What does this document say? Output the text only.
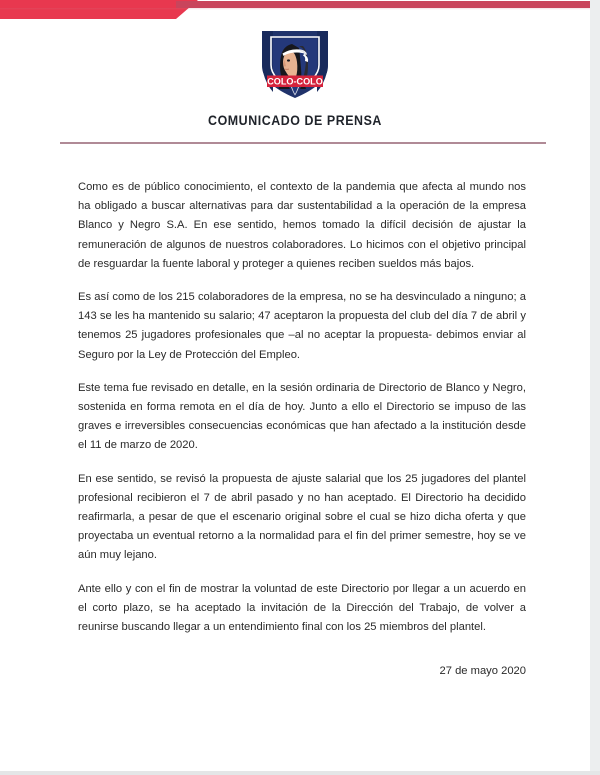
COLO-COLO
COMUNICADO DE PRENSA

Como es de público conocimiento, el contexto de la pandemia que afecta al mundo nos ha obligado a buscar alternativas para dar sustentabilidad a la operación de la empresa Blanco y Negro S.A. En ese sentido, hemos tomado la difícil decisión de ajustar la remuneración de algunos de nuestros colaboradores. Lo hicimos con el objetivo principal de resguardar la fuente laboral y proteger a quienes reciben sueldos más bajos.

Es así como de los 215 colaboradores de la empresa, no se ha desvinculado a ninguno; a 143 se les ha mantenido su salario; 47 aceptaron la propuesta del club del día 7 de abril y tenemos 25 jugadores profesionales que –al no aceptar la propuesta- debimos enviar al Seguro por la Ley de Protección del Empleo.

Este tema fue revisado en detalle, en la sesión ordinaria de Directorio de Blanco y Negro, sostenida en forma remota en el día de hoy. Junto a ello el Directorio se impuso de las graves e irreversibles consecuencias económicas que han afectado a la institución desde el 11 de marzo de 2020.

En ese sentido, se revisó la propuesta de ajuste salarial que los 25 jugadores del plantel profesional recibieron el 7 de abril pasado y no han aceptado. El Directorio ha decidido reafirmarla, a pesar de que el escenario original sobre el cual se hizo dicha oferta y que proyectaba un eventual retorno a la normalidad para el fin del primer semestre, hoy se ve aún muy lejano.

Ante ello y con el fin de mostrar la voluntad de este Directorio por llegar a un acuerdo en el corto plazo, se ha aceptado la invitación de la Dirección del Trabajo, de volver a reunirse buscando llegar a un entendimiento final con los 25 miembros del plantel.

27 de mayo 2020
